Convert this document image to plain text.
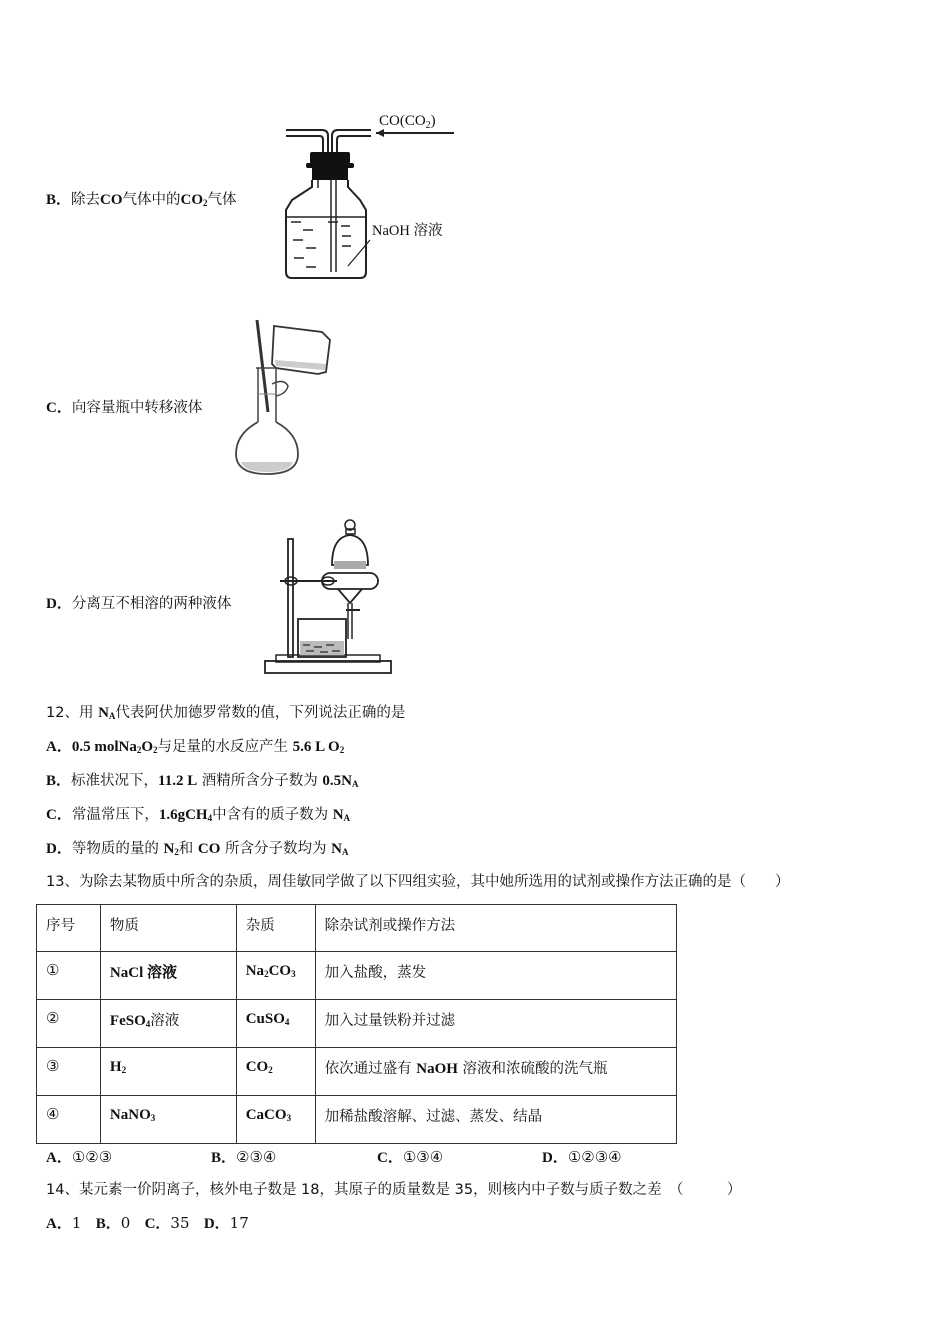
B．除去CO气体中的$CO_2$气体
$CO(CO_2)$
NaOH 溶液
C．向容量瓶中转移液体
D．分离互不相溶的两种液体
12、用 $N_A$代表阿伏加德罗常数的值，下列说法正确的是
A．0.5 $molNa_2O_2$与足量的水反应产生 5.6 L $O_2$
B．标准状况下，11.2 L 酒精所含分子数为 $0.5N_A$
C．常温常压下，1.6gCH$_4$中含有的质子数为 $N_A$
D．等物质的量的 $N_2$和 CO 所含分子数均为 $N_A$
13、为除去某物质中所含的杂质，周佳敏同学做了以下四组实验，其中她所选用的试剂或操作方法正确的是（　　）
序号	物质	杂质	除杂试剂或操作方法
①	NaCl 溶液	$Na_2CO_3$	加入盐酸，蒸发
②	FeSO$_4$溶液	CuSO$_4$	加入过量铁粉并过滤
③	$H_2$	$CO_2$	依次通过盛有 NaOH 溶液和浓硫酸的洗气瓶
④	NaNO$_3$	CaCO$_3$	加稀盐酸溶解、过滤、蒸发、结晶
A．①②③	B．②③④	C．①③④	D．①②③④
14、某元素一价阴离子，核外电子数是 18，其原子的质量数是 35，则核内中子数与质子数之差　（　　　）
A．1 B．0 C．35 D．17
